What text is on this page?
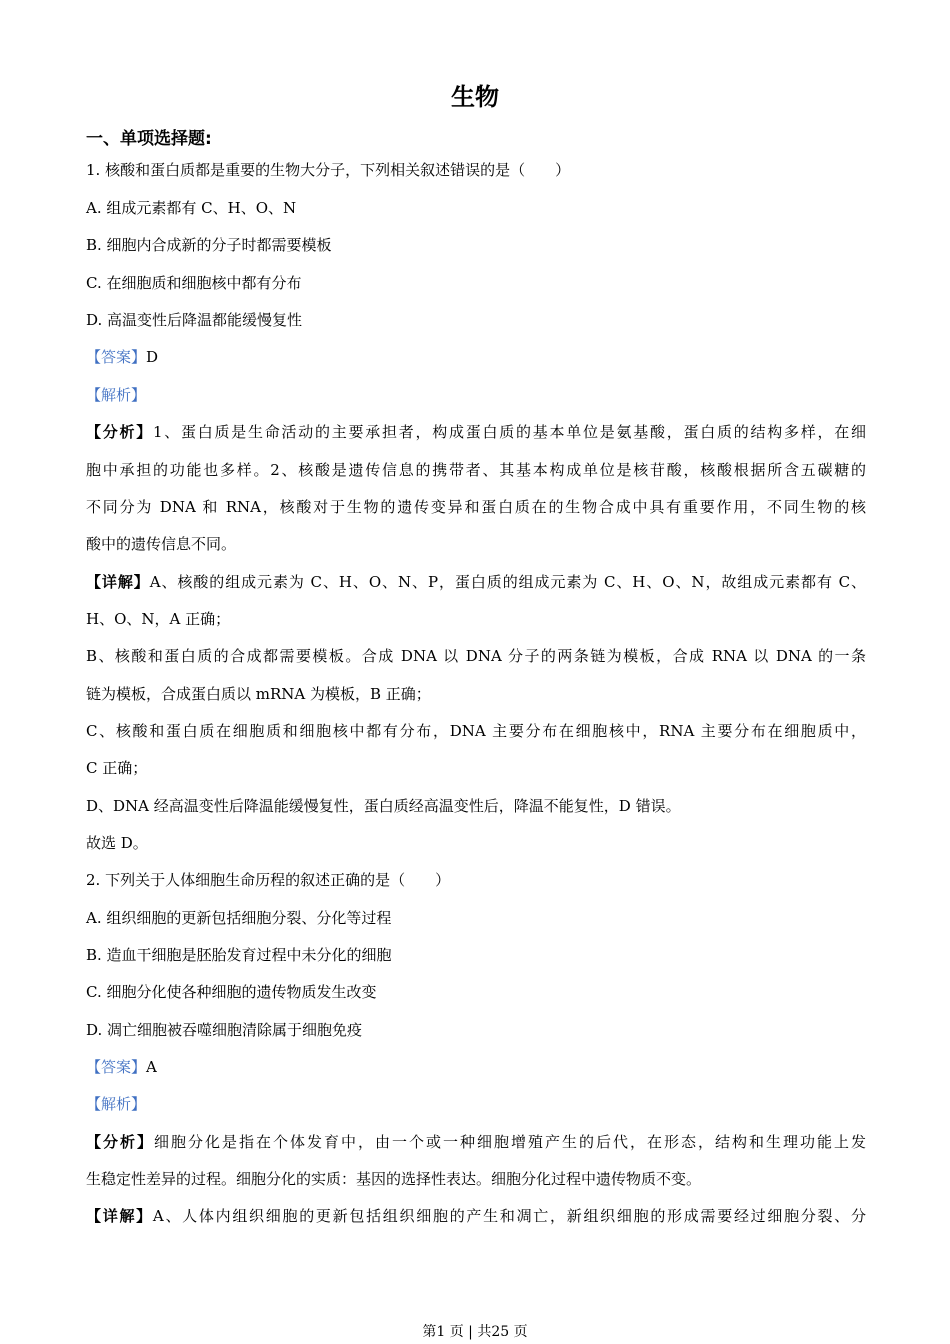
生物
一、单项选择题:
1. 核酸和蛋白质都是重要的生物大分子，下列相关叙述错误的是（　　）
A. 组成元素都有 C、H、O、N
B. 细胞内合成新的分子时都需要模板
C. 在细胞质和细胞核中都有分布
D. 高温变性后降温都能缓慢复性
【答案】D
【解析】
【分析】1、蛋白质是生命活动的主要承担者，构成蛋白质的基本单位是氨基酸，蛋白质的结构多样，在细
胞中承担的功能也多样。2、核酸是遗传信息的携带者、其基本构成单位是核苷酸，核酸根据所含五碳糖的
不同分为 DNA 和 RNA，核酸对于生物的遗传变异和蛋白质在的生物合成中具有重要作用，不同生物的核
酸中的遗传信息不同。
【详解】A、核酸的组成元素为 C、H、O、N、P，蛋白质的组成元素为 C、H、O、N，故组成元素都有 C、
H、O、N，A 正确；
B、核酸和蛋白质的合成都需要模板。合成 DNA 以 DNA 分子的两条链为模板，合成 RNA 以 DNA 的一条
链为模板，合成蛋白质以 mRNA 为模板，B 正确；
C、核酸和蛋白质在细胞质和细胞核中都有分布，DNA 主要分布在细胞核中，RNA 主要分布在细胞质中，
C 正确；
D、DNA 经高温变性后降温能缓慢复性，蛋白质经高温变性后，降温不能复性，D 错误。
故选 D。
2. 下列关于人体细胞生命历程的叙述正确的是（　　）
A. 组织细胞的更新包括细胞分裂、分化等过程
B. 造血干细胞是胚胎发育过程中未分化的细胞
C. 细胞分化使各种细胞的遗传物质发生改变
D. 凋亡细胞被吞噬细胞清除属于细胞免疫
【答案】A
【解析】
【分析】细胞分化是指在个体发育中，由一个或一种细胞增殖产生的后代，在形态，结构和生理功能上发
生稳定性差异的过程。细胞分化的实质：基因的选择性表达。细胞分化过程中遗传物质不变。
【详解】A、人体内组织细胞的更新包括组织细胞的产生和凋亡，新组织细胞的形成需要经过细胞分裂、分
第1 页 | 共25 页
